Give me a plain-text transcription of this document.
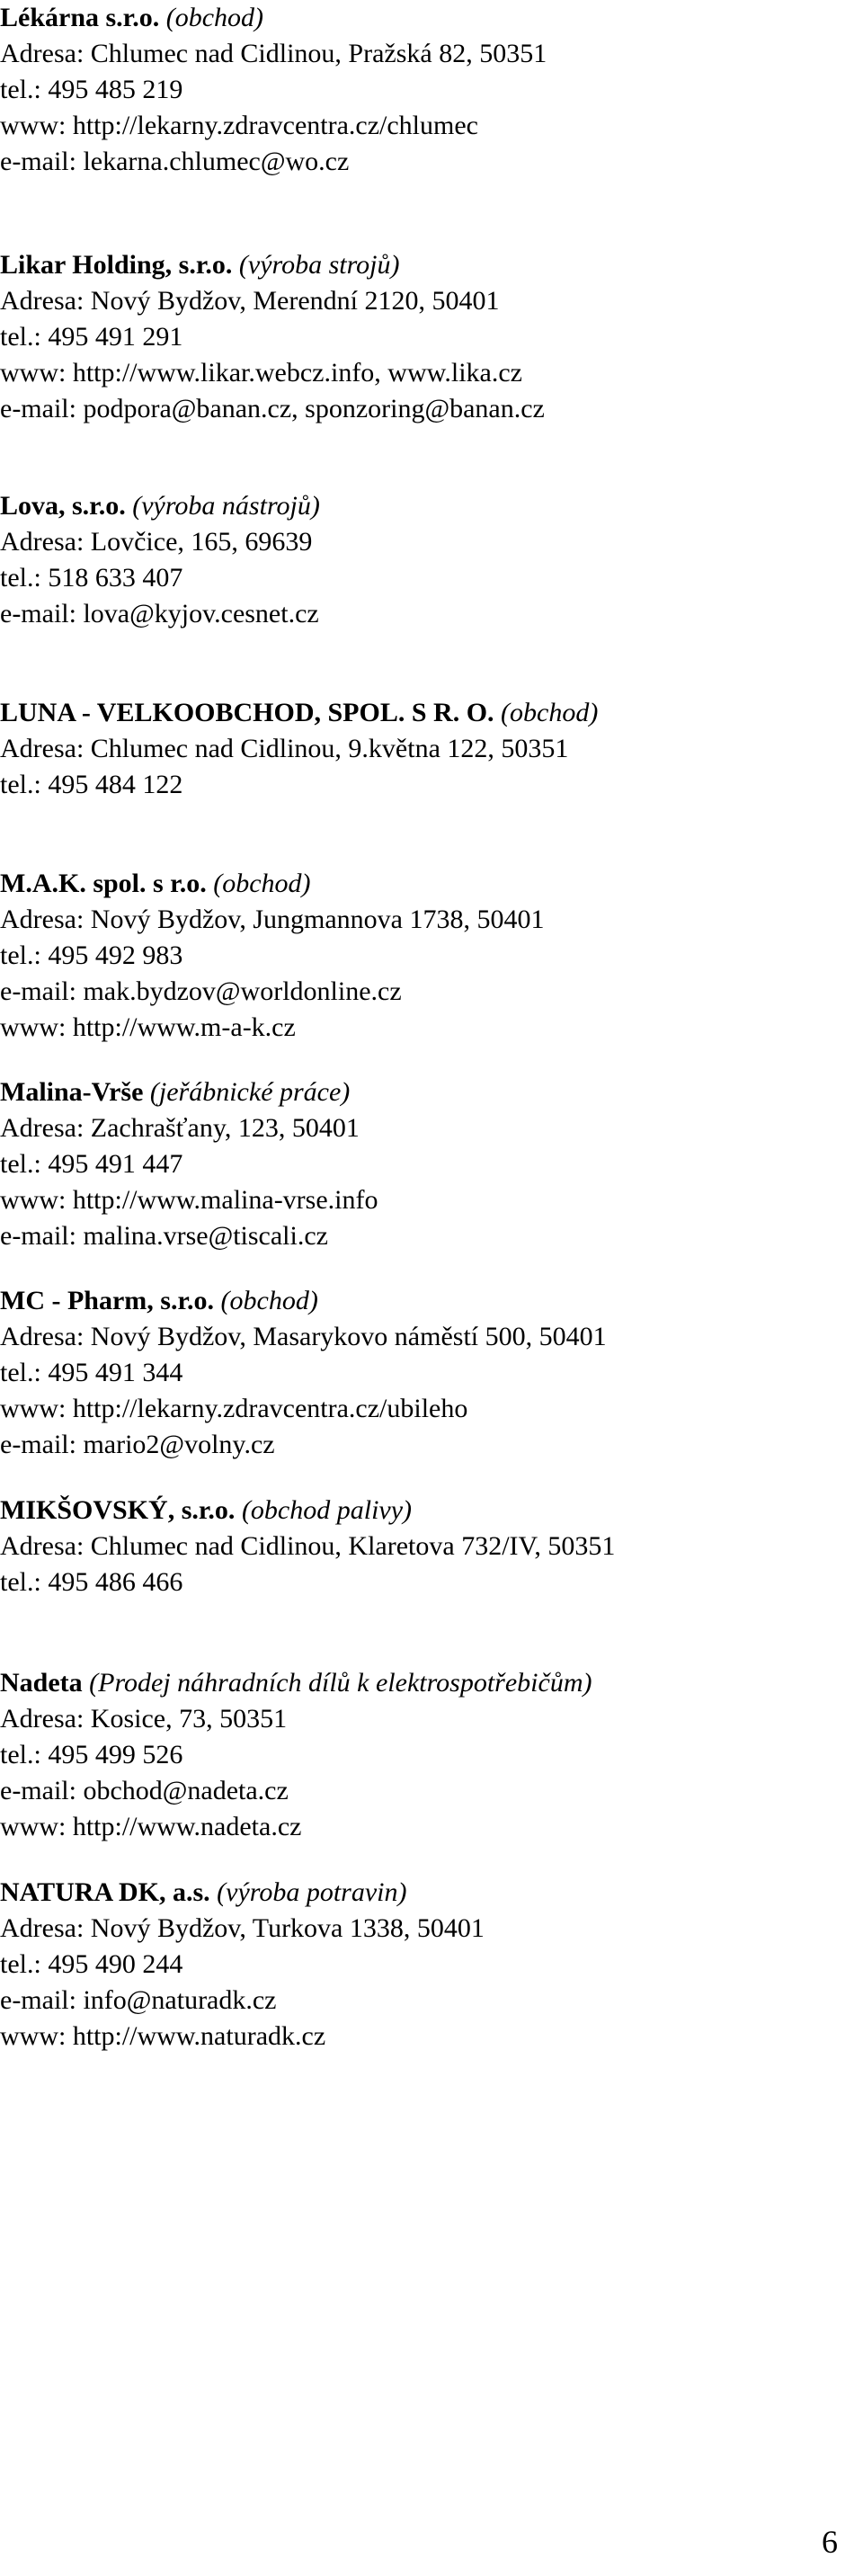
Lékárna s.r.o. (obchod)
Adresa: Chlumec nad Cidlinou, Pražská 82, 50351
tel.: 495 485 219
www: http://lekarny.zdravcentra.cz/chlumec
e-mail: lekarna.chlumec@wo.cz
Likar Holding, s.r.o. (výroba strojů)
Adresa: Nový Bydžov, Merendní 2120, 50401
tel.: 495 491 291
www: http://www.likar.webcz.info, www.lika.cz
e-mail: podpora@banan.cz, sponzoring@banan.cz
Lova, s.r.o. (výroba nástrojů)
Adresa: Lovčice, 165, 69639
tel.: 518 633 407
e-mail: lova@kyjov.cesnet.cz
LUNA - VELKOOBCHOD, SPOL. S R. O. (obchod)
Adresa: Chlumec nad Cidlinou, 9.května 122, 50351
tel.: 495 484 122
M.A.K. spol. s r.o. (obchod)
Adresa: Nový Bydžov, Jungmannova 1738, 50401
tel.: 495 492 983
e-mail: mak.bydzov@worldonline.cz
www: http://www.m-a-k.cz
Malina-Vrše (jeřábnické práce)
Adresa: Zachrašťany, 123, 50401
tel.: 495 491 447
www: http://www.malina-vrse.info
e-mail: malina.vrse@tiscali.cz
MC - Pharm, s.r.o. (obchod)
Adresa: Nový Bydžov, Masarykovo náměstí 500, 50401
tel.: 495 491 344
www: http://lekarny.zdravcentra.cz/ubileho
e-mail: mario2@volny.cz
MIKŠOVSKÝ, s.r.o. (obchod palivy)
Adresa: Chlumec nad Cidlinou, Klaretova 732/IV, 50351
tel.: 495 486 466
Nadeta (Prodej náhradních dílů k elektrospotřebičům)
Adresa: Kosice, 73, 50351
tel.: 495 499 526
e-mail: obchod@nadeta.cz
www: http://www.nadeta.cz
NATURA DK, a.s. (výroba potravin)
Adresa: Nový Bydžov, Turkova 1338, 50401
tel.: 495 490 244
e-mail: info@naturadk.cz
www: http://www.naturadk.cz
6
